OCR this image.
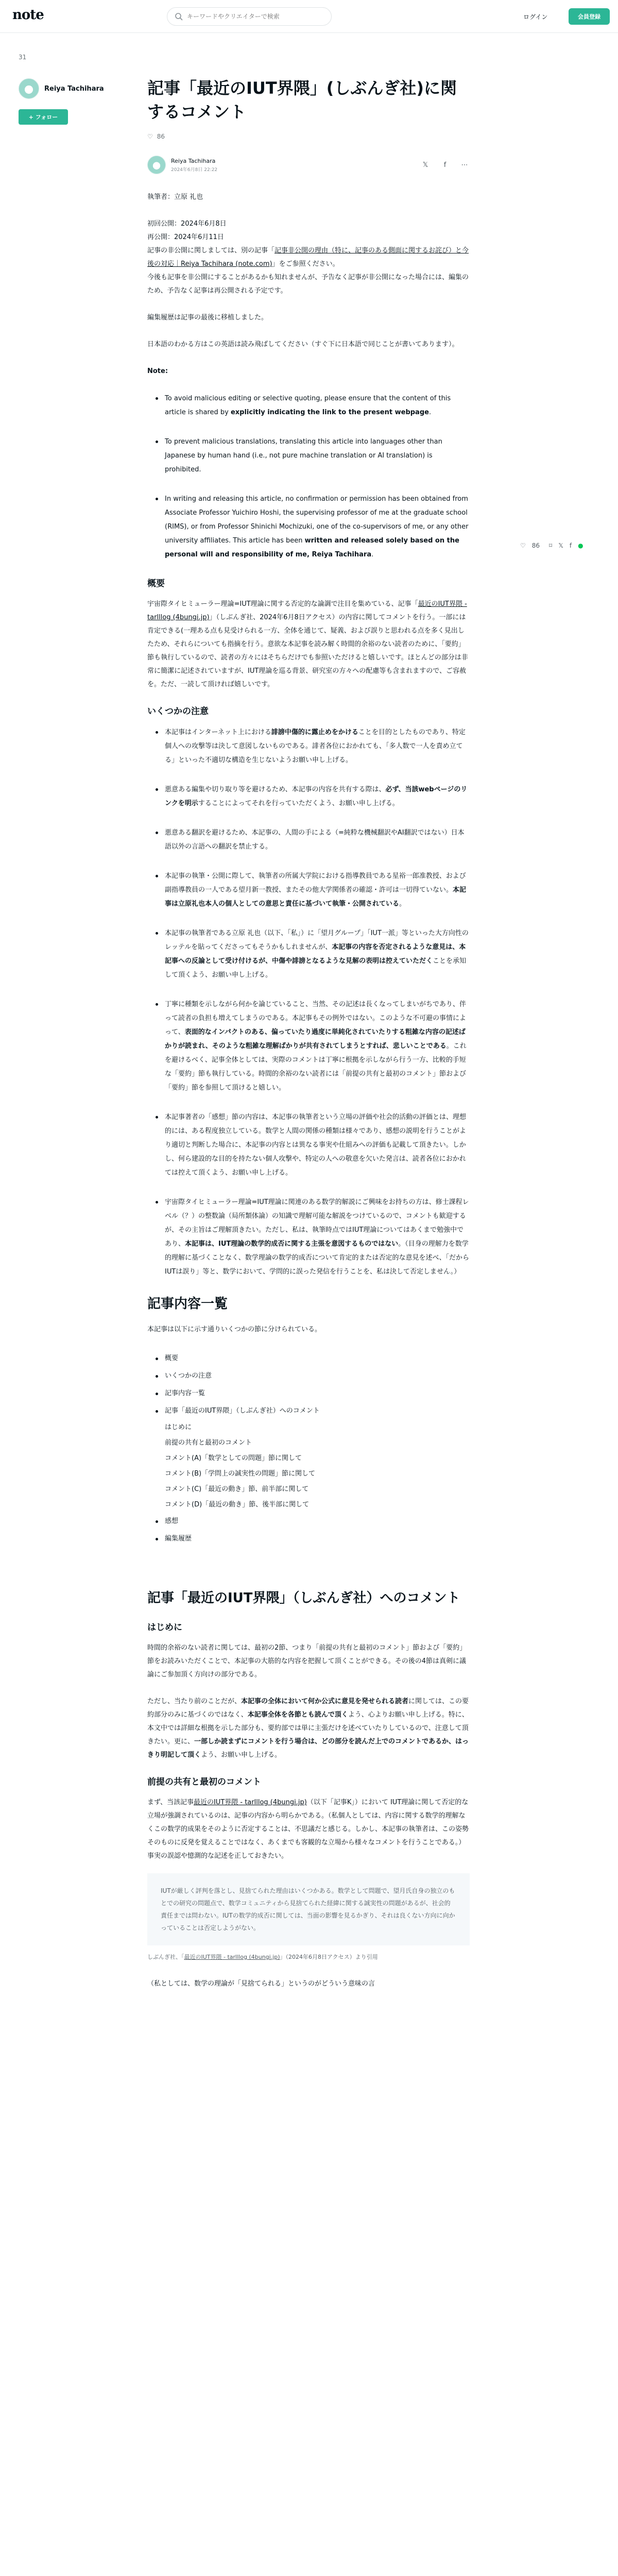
note
キーワードやクリエイターで検索	ログイン	会員登録
31
Reiya Tachihara
+ フォロー
♡ 86 ⌑ 𝕏 f ●
記事「最近のIUT界隈」(しぶんぎ社)に関するコメント
♡ 86
Reiya Tachihara
2024年6月8日 22:22
𝕏	f	⋯

執筆者：立原 礼也

初回公開：2024年6月8日
再公開：2024年6月11日
記事の非公開に関しましては、別の記事「記事非公開の理由（特に、記事のある側面に関するお詫び）と今後の対応｜Reiya Tachihara (note.com)」をご参照ください。
今後も記事を非公開にすることがあるかも知れませんが、予告なく記事が非公開になった場合には、編集のため、予告なく記事は再公開される予定です。

編集履歴は記事の最後に移植しました。

日本語のわかる方はこの英語は読み飛ばしてください（すぐ下に日本語で同じことが書いてあります）。

Note:

To avoid malicious editing or selective quoting, please ensure that the content of this article is shared by explicitly indicating the link to the present webpage.
To prevent malicious translations, translating this article into languages other than Japanese by human hand (i.e., not pure machine translation or AI translation) is prohibited.
In writing and releasing this article, no confirmation or permission has been obtained from Associate Professor Yuichiro Hoshi, the supervising professor of me at the graduate school (RIMS), or from Professor Shinichi Mochizuki, one of the co-supervisors of me, or any other university affiliates. This article has been written and released solely based on the personal will and responsibility of me, Reiya Tachihara.
概要

宇宙際タイヒミューラー理論=IUT理論に関する否定的な論調で注目を集めている、記事「最近のIUT界隈 - tarlllog (4bungi.jp)」（しぶんぎ社、2024年6月8日アクセス）の内容に関してコメントを行う。一部には肯定できる(一理ある点も見受けられる一方、全体を通じて、疑義、および誤りと思われる点を多く見出したため、それらについても指摘を行う。意欲な本記事を読み解く時間的余裕のない読者のために、「要約」節も執行しているので、読者の方々にはそちらだけでも参照いただけると嬉しいです。ほとんどの部分は非常に簡潔に記述されていますが、IUT理論を巡る背景、研究室の方々への配慮等も含まれますので、ご容赦を。ただ、一読して頂ければ嬉しいです。

いくつかの注意
本記事はインターネット上における誹謗中傷的に露止めをかけることを目的としたものであり、特定個人への攻撃等は決して意図しないものである。誹者各位におかれても、「多人数で一人を責め立てる」といった不適切な構造を生じないようお願い申し上げる。
悪意ある編集や切り取り等を避けるため、本記事の内容を共有する際は、必ず、当該webページのリンクを明示することによってそれを行っていただくよう、お願い申し上げる。
悪意ある翻訳を避けるため、本記事の、人間の手による（=純粋な機械翻訳やAI翻訳ではない）日本語以外の言語への翻訳を禁止する。
本記事の執筆・公開に際して、執筆者の所属大学院における指導教員である星裕一郎准教授、および副指導教員の一人である望月新一教授、またその他大学関係者の確認・許可は一切得ていない。本記事は立原礼也本人の個人としての意思と責任に基づいて執筆・公開されている。
本記事の執筆者である立原 礼也（以下、「私」）に「望月グループ」「IUT一派」等といった大方向性のレッテルを貼ってくださってもそうかもしれませんが、本記事の内容を否定されるような意見は、本記事への反論として受け付けるが、中傷や誹謗となるような見解の表明は控えていただくことを承知して頂くよう、お願い申し上げる。
丁寧に種類を示しながら何かを論じていること、当然、その記述は長くなってしまいがちであり、伴って読者の負担も増えてしまうのである。本記事もその例外ではない。このような不可避の事情によって、表面的なインパクトのある、偏っていたり過度に単純化されていたりする粗雑な内容の記述ばかりが読まれ、そのような粗雑な理解ばかりが共有されてしまうとすれば、悲しいことである。これを避けるべく、記事全体としては、実際のコメントは丁寧に根拠を示しながら行う一方、比較的手短な「要約」節も執行している。時間的余裕のない読者には「前提の共有と最初のコメント」節および「要約」節を参照して頂けると嬉しい。
本記事著者の「感想」節の内容は、本記事の執筆者という立場の評価や社会的活動の評価とは、理想的には、ある程度独立している。数学と人間の関係の種類は様々であり、感想の説明を行うことがより適切と判断した場合に、本記事の内容とは異なる事実や仕組みへの評価も記載して頂きたい。しかし、何ら建設的な目的を持たない個人攻撃や、特定の人への敬意を欠いた発言は、読者各位におかれては控えて頂くよう、お願い申し上げる。
宇宙際タイヒミューラー理論=IUT理論に関連のある数学的解説にご興味をお持ちの方は、修士課程レベル（？）の整数論（局所類体論）の知識で理解可能な解説をつけているので、コメントも歓迎するが、その主旨はご理解頂きたい。ただし、私は、執筆時点ではIUT理論についてはあくまで勉強中であり、本記事は、IUT理論の数学的成否に関する主張を意図するものではない。（目身の理解力を数学的理解に基づくことなく、数学理論の数学的成否について肯定的または否定的な意見を述べ、「だからIUTは誤り」等と、数学において、学問的に誤った発信を行うことを、私は決して否定しません。）
記事内容一覧

本記事は以下に示す通りいくつかの節に分けられている。

概要
いくつかの注意
記事内容一覧
記事「最近のIUT界隈」（しぶんぎ社）へのコメント
はじめに
前提の共有と最初のコメント
コメント(A)「数学としての問題」節に関して
コメント(B)「学問上の誠実性の問題」節に関して
コメント(C)「最近の動き」節、前半部に関して
コメント(D)「最近の動き」節、後半部に関して
感想
編集履歴
記事「最近のIUT界隈」（しぶんぎ社）へのコメント
はじめに

時間的余裕のない読者に関しては、最初の2節、つまり「前提の共有と最初のコメント」節および「要約」節をお読みいただくことで、本記事の大筋的な内容を把握して頂くことができる。その後の4節は真剣に議論にご参加頂く方向けの部分である。

ただし、当たり前のことだが、本記事の全体において何か公式に意見を発せられる読者に関しては、この要約部分のみに基づくのではなく、本記事全体を各節とも読んで頂くよう、心よりお願い申し上げる。特に、本文中では詳細な根拠を示した部分も、要約部では単に主張だけを述べていたりしているので、注意して頂きたい。更に、一部しか読まずにコメントを行う場合は、どの部分を読んだ上でのコメントであるか、はっきり明記して頂くよう、お願い申し上げる。

前提の共有と最初のコメント

まず、当該記事最近のIUT界隈 - tarlllog (4bungi.jp)（以下「記事K」）において IUT理論に関して否定的な立場が強調されているのは、記事の内容から明らかである。（私個人としては、内容に関する数学的理解なくこの数学的成果をそのように否定することは、不思議だと感じる。しかし、本記事の執筆者は、この姿勢そのものに反発を覚えることではなく、あくまでも客観的な立場から様々なコメントを行うことである。）事実の誤認や憶測的な記述を正しておきたい。

IUTが厳しく評判を落とし、見捨てられた理由はいくつかある。数学として問題で、望月氏自身の独立のもとでの研究の問題点で、数学コミュニティから見捨てられた経緯に関する誠実性の問題があるが、社会的責任までは問わない。IUTの数学的成否に関しては、当面の影響を見るかぎり、それは良くない方向に向かっていることは否定しようがない。
しぶんぎ社、「最近のIUT界隈 - tarlllog (4bungi.jp)」（2024年6月8日アクセス）より引用

（私としては、数学の理論が「見捨てられる」というのがどういう意味の言
